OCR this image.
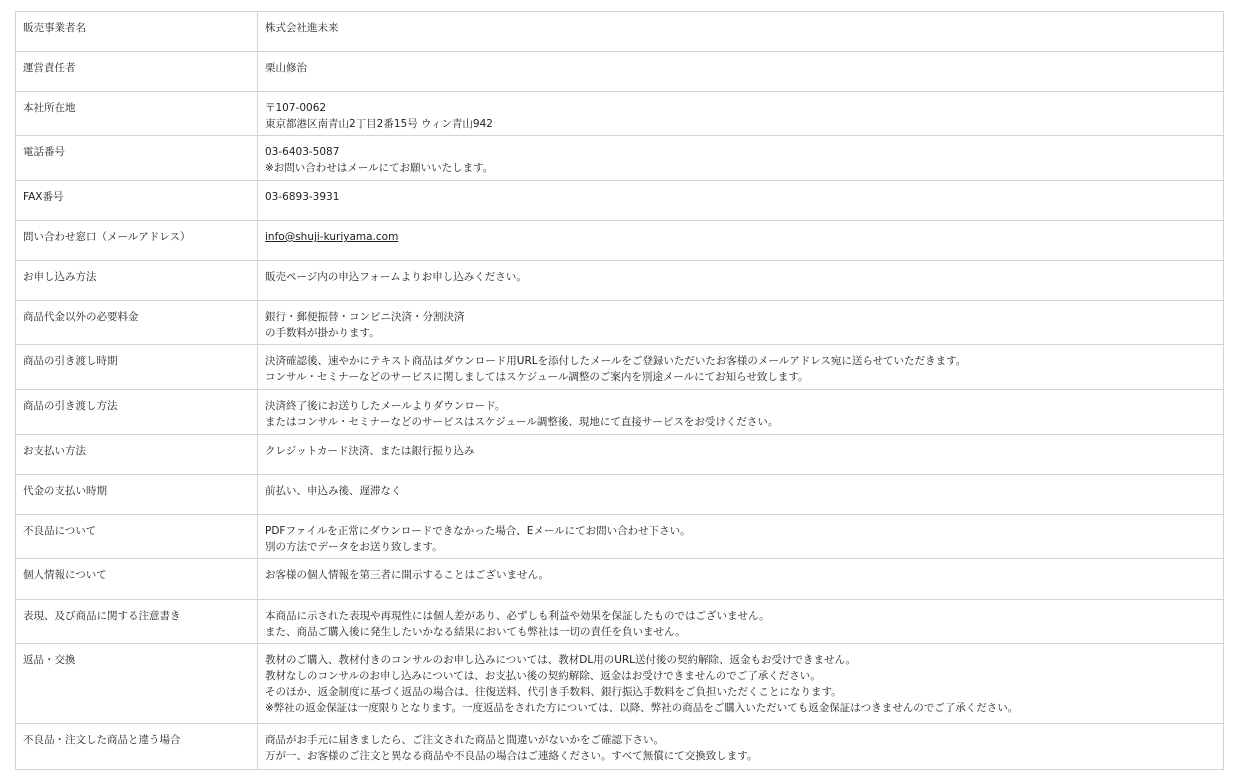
販売事業者名	株式会社進未来

運営責任者	栗山修治

本社所在地	〒107-0062
東京都港区南青山2丁目2番15号 ウィン青山942

電話番号	03-6403-5087
※お問い合わせはメールにてお願いいたします。

FAX番号	03-6893-3931

問い合わせ窓口（メールアドレス）	info@shuji-kuriyama.com

お申し込み方法	販売ページ内の申込フォームよりお申し込みください。

商品代金以外の必要料金	銀行・郵便振替・コンビニ決済・分割決済
の手数料が掛かります。

商品の引き渡し時期	決済確認後、速やかにテキスト商品はダウンロード用URLを添付したメールをご登録いただいたお客様のメールアドレス宛に送らせていただきます。
コンサル・セミナーなどのサービスに関しましてはスケジュール調整のご案内を別途メールにてお知らせ致します。

商品の引き渡し方法	決済終了後にお送りしたメールよりダウンロード。
またはコンサル・セミナーなどのサービスはスケジュール調整後、現地にて直接サービスをお受けください。

お支払い方法	クレジットカード決済、または銀行振り込み

代金の支払い時期	前払い、申込み後、遅滞なく

不良品について	PDFファイルを正常にダウンロードできなかった場合、Eメールにてお問い合わせ下さい。
別の方法でデータをお送り致します。

個人情報について	お客様の個人情報を第三者に開示することはございません。

表現、及び商品に関する注意書き	本商品に示された表現や再現性には個人差があり、必ずしも利益や効果を保証したものではございません。
また、商品ご購入後に発生したいかなる結果においても弊社は一切の責任を負いません。

返品・交換	教材のご購入、教材付きのコンサルのお申し込みについては、教材DL用のURL送付後の契約解除、返金もお受けできません。
教材なしのコンサルのお申し込みについては、お支払い後の契約解除、返金はお受けできませんのでご了承ください。
そのほか、返金制度に基づく返品の場合は、往復送料、代引き手数料、銀行振込手数料をご負担いただくことになります。
※弊社の返金保証は一度限りとなります。一度返品をされた方については、以降、弊社の商品をご購入いただいても返金保証はつきませんのでご了承ください。

不良品・注文した商品と違う場合	商品がお手元に届きましたら、ご注文された商品と間違いがないかをご確認下さい。
万が一、お客様のご注文と異なる商品や不良品の場合はご連絡ください。すべて無償にて交換致します。
